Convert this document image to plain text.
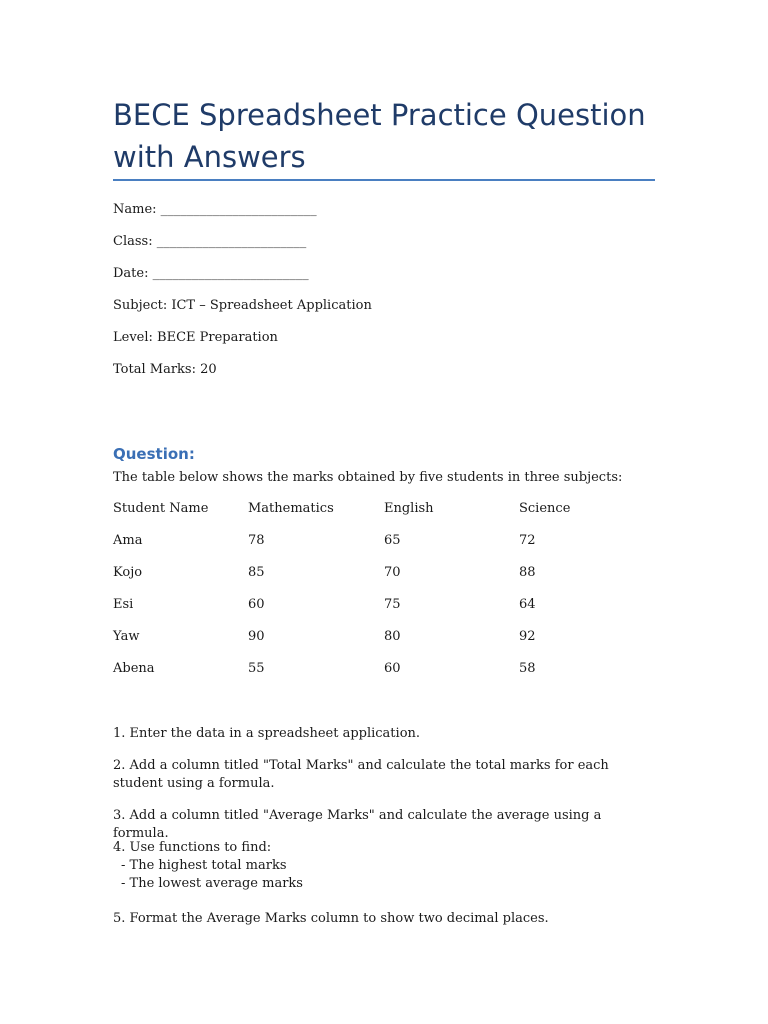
BECE Spreadsheet Practice Question
with Answers
Name: ________________________
Class: _______________________
Date: ________________________
Subject: ICT – Spreadsheet Application
Level: BECE Preparation
Total Marks: 20
Question:
The table below shows the marks obtained by five students in three subjects:
Student Name	Mathematics	English	Science
Ama	78	65	72
Kojo	85	70	88
Esi	60	75	64
Yaw	90	80	92
Abena	55	60	58
1. Enter the data in a spreadsheet application.
2. Add a column titled "Total Marks" and calculate the total marks for each student using a formula.
3. Add a column titled "Average Marks" and calculate the average using a formula.
4. Use functions to find:
- The highest total marks
- The lowest average marks
5. Format the Average Marks column to show two decimal places.
